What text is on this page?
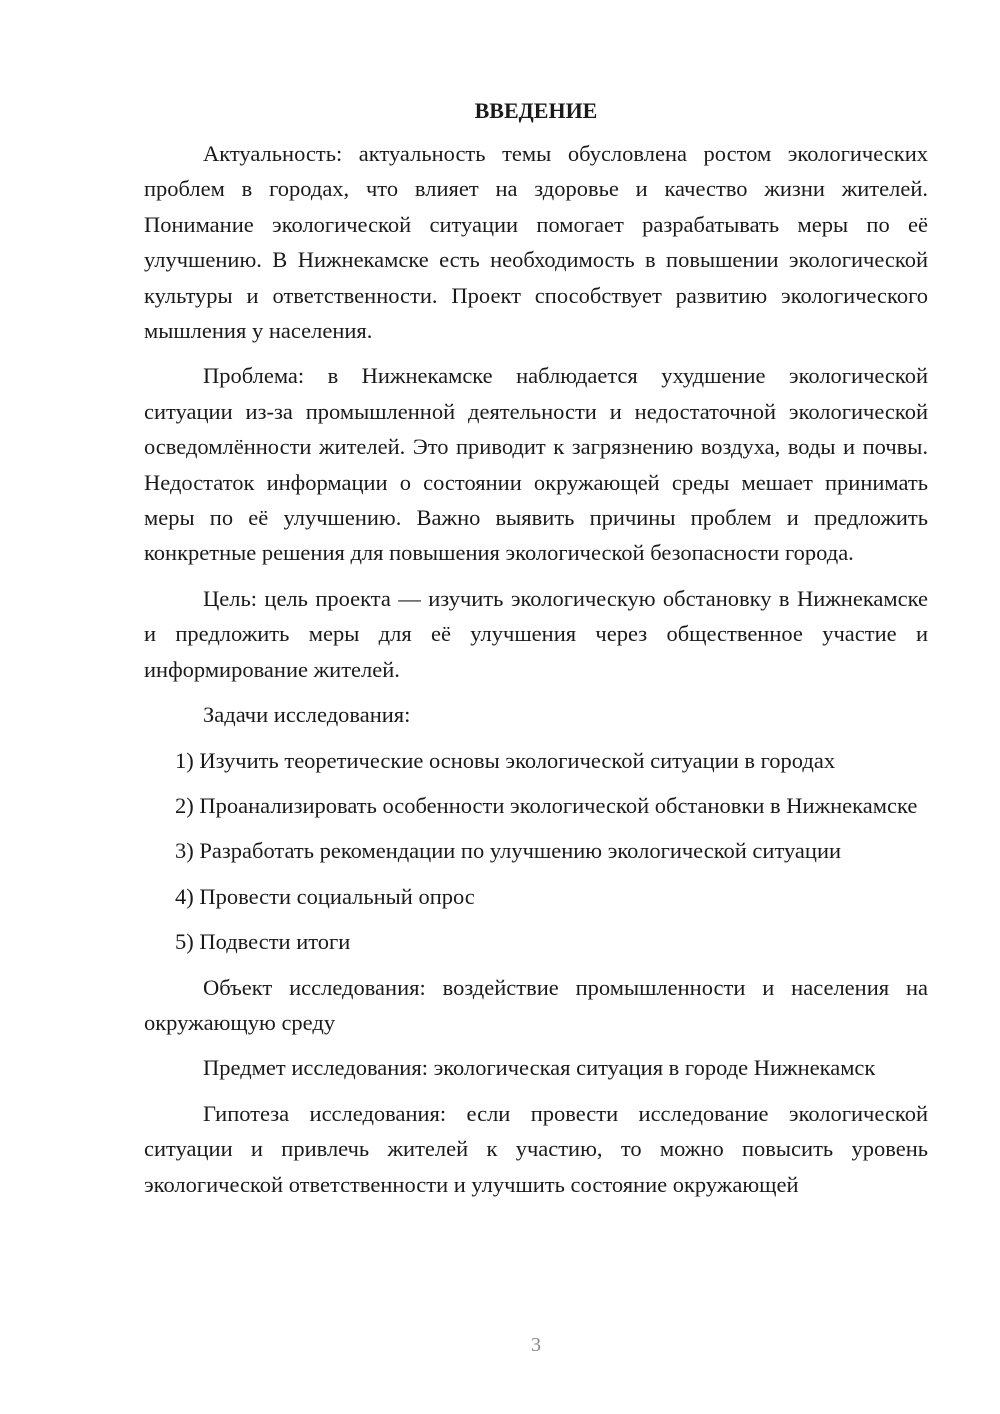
ВВЕДЕНИЕ

Актуальность: актуальность темы обусловлена ростом экологических проблем в городах, что влияет на здоровье и качество жизни жителей. Понимание экологической ситуации помогает разрабатывать меры по её улучшению. В Нижнекамске есть необходимость в повышении экологической культуры и ответственности. Проект способствует развитию экологического мышления у населения.

Проблема: в Нижнекамске наблюдается ухудшение экологической ситуации из-за промышленной деятельности и недостаточной экологической осведомлённости жителей. Это приводит к загрязнению воздуха, воды и почвы. Недостаток информации о состоянии окружающей среды мешает принимать меры по её улучшению. Важно выявить причины проблем и предложить конкретные решения для повышения экологической безопасности города.

Цель: цель проекта — изучить экологическую обстановку в Нижнекамске и предложить меры для её улучшения через общественное участие и информирование жителей.

Задачи исследования:

1) Изучить теоретические основы экологической ситуации в городах

2) Проанализировать особенности экологической обстановки в Нижнекамске

3) Разработать рекомендации по улучшению экологической ситуации

4) Провести социальный опрос

5) Подвести итоги

Объект исследования: воздействие промышленности и населения на окружающую среду

Предмет исследования: экологическая ситуация в городе Нижнекамск

Гипотеза исследования: если провести исследование экологической ситуации и привлечь жителей к участию, то можно повысить уровень экологической ответственности и улучшить состояние окружающей

3
